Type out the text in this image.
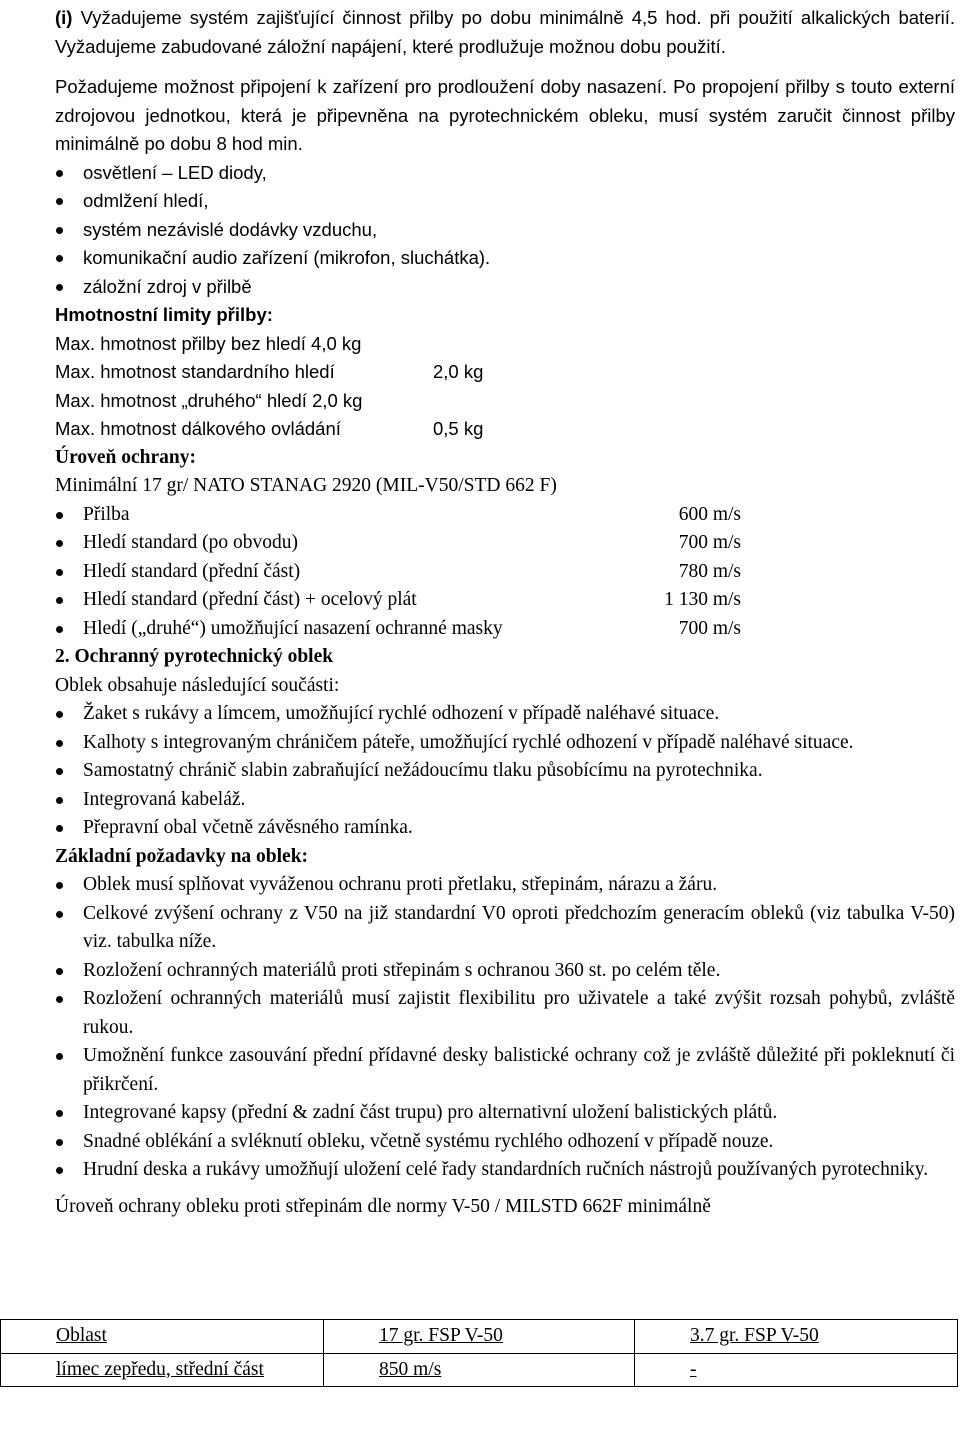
(i) Vyžadujeme systém zajišťující činnost přilby po dobu minimálně 4,5 hod. při použití alkalických baterií. Vyžadujeme zabudované záložní napájení, které prodlužuje možnou dobu použití.

Požadujeme možnost připojení k zařízení pro prodloužení doby nasazení. Po propojení přilby s touto externí zdrojovou jednotkou, která je připevněna na pyrotechnickém obleku, musí systém zaručit činnost přilby minimálně po dobu 8 hod min.

osvětlení – LED diody,
odmlžení hledí,
systém nezávislé dodávky vzduchu,
komunikační audio zařízení (mikrofon, sluchátka).
záložní zdroj v přilbě

Hmotnostní limity přilby:

Max. hmotnost přilby bez hledí 4,0 kg
Max. hmotnost standardního hledí	2,0 kg
Max. hmotnost „druhého“ hledí 2,0 kg
Max. hmotnost dálkového ovládání	0,5 kg

Úroveň ochrany:

Minimální 17 gr/ NATO STANAG 2920 (MIL-V50/STD 662 F)

Přilba	600 m/s
Hledí standard (po obvodu)	700 m/s
Hledí standard (přední část)	780 m/s
Hledí standard (přední část) + ocelový plát	1 130 m/s
Hledí („druhé“) umožňující nasazení ochranné masky	700 m/s

2. Ochranný pyrotechnický oblek

Oblek obsahuje následující součásti:

Žaket s rukávy a límcem, umožňující rychlé odhození v případě naléhavé situace.
Kalhoty s integrovaným chráničem páteře, umožňující rychlé odhození v případě naléhavé situace.
Samostatný chránič slabin zabraňující nežádoucímu tlaku působícímu na pyrotechnika.
Integrovaná kabeláž.
Přepravní obal včetně závěsného ramínka.

Základní požadavky na oblek:

Oblek musí splňovat vyváženou ochranu proti přetlaku, střepinám, nárazu a žáru.
Celkové zvýšení ochrany z V50 na již standardní V0 oproti předchozím generacím obleků (viz tabulka V-50) viz. tabulka níže.
Rozložení ochranných materiálů proti střepinám s ochranou 360 st. po celém těle.
Rozložení ochranných materiálů musí zajistit flexibilitu pro uživatele a také zvýšit rozsah pohybů, zvláště rukou.
Umožnění funkce zasouvání přední přídavné desky balistické ochrany což je zvláště důležité při pokleknutí či přikrčení.
Integrované kapsy (přední & zadní část trupu) pro alternativní uložení balistických plátů.
Snadné oblékání a svléknutí obleku, včetně systému rychlého odhození v případě nouze.
Hrudní deska a rukávy umožňují uložení celé řady standardních ručních nástrojů používaných pyrotechniky.

Úroveň ochrany obleku proti střepinám dle normy V-50 / MILSTD 662F minimálně

Oblast	17 gr. FSP V-50	3.7 gr. FSP V-50
límec zepředu, střední část	850 m/s	-
